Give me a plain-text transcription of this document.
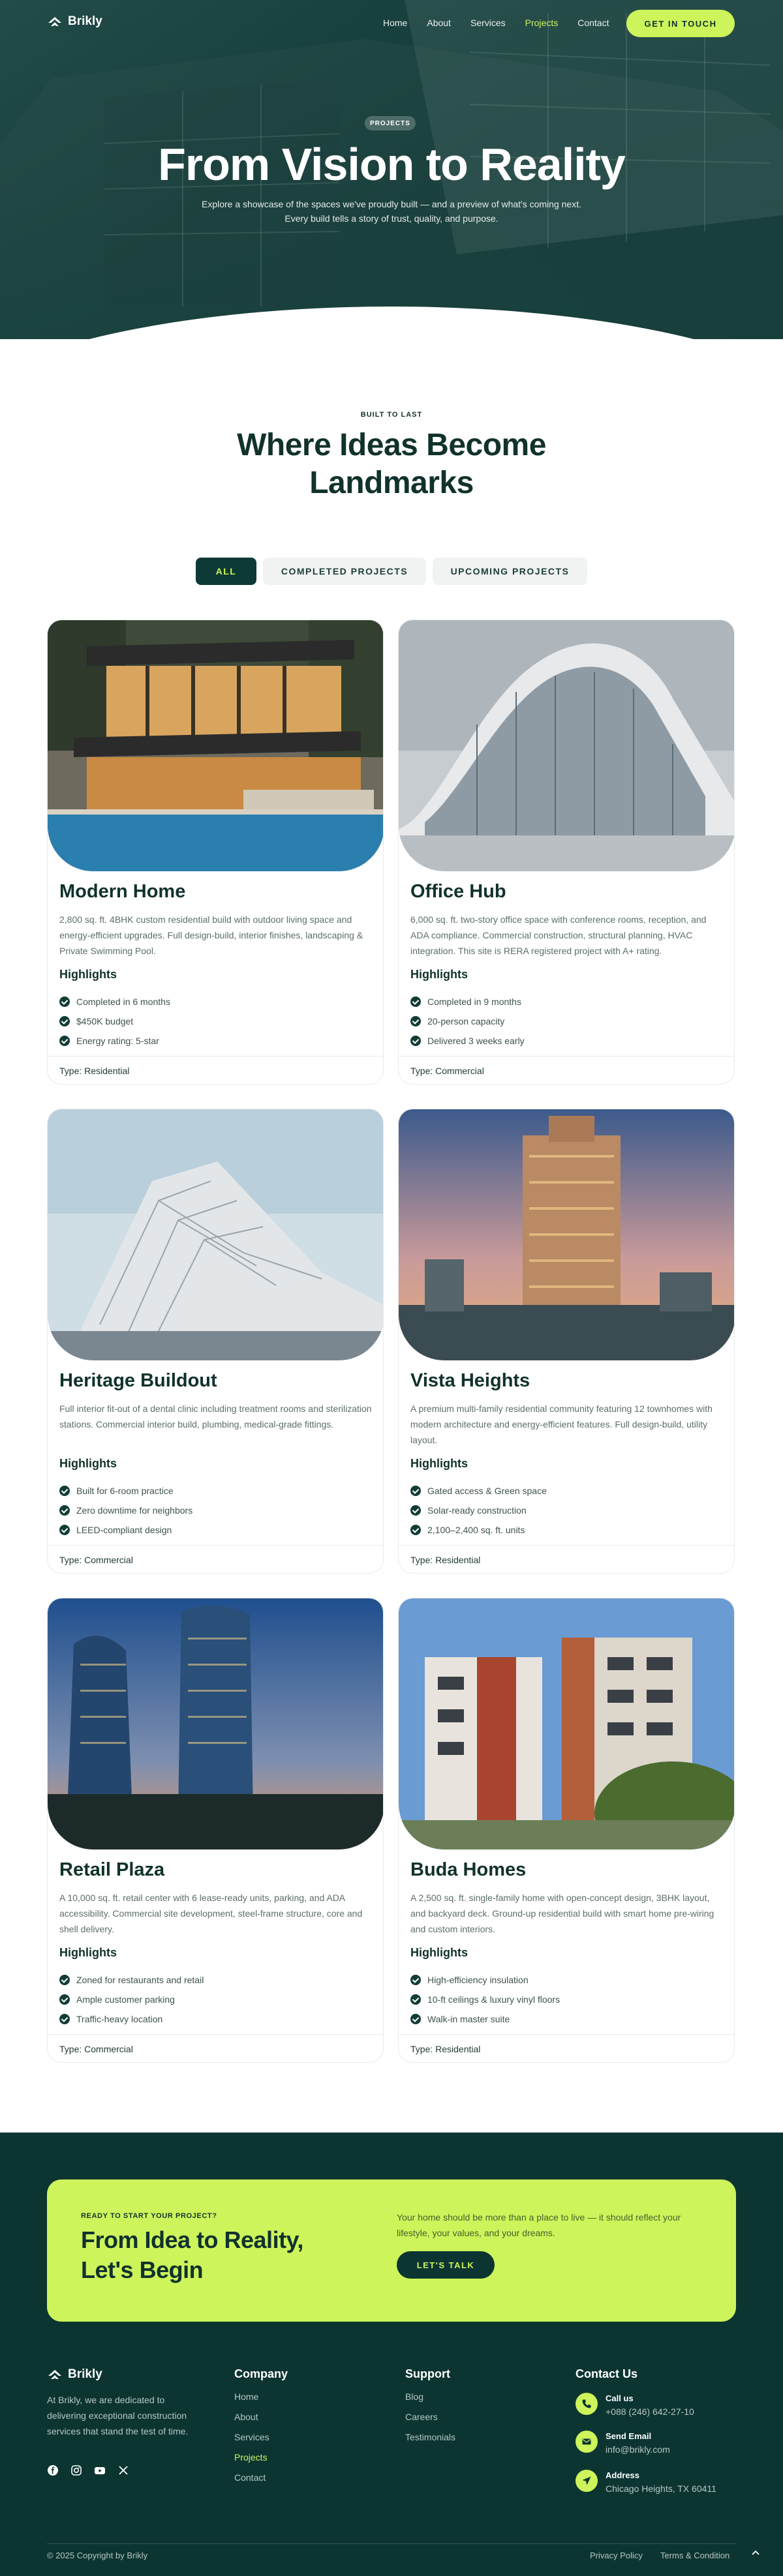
Brikly	Home About Services Projects Contact	GET IN TOUCH
PROJECTS
From Vision to Reality
Explore a showcase of the spaces we've proudly built — and a preview of what's coming next.
Every build tells a story of trust, quality, and purpose.
BUILT TO LAST
Where Ideas Become Landmarks
ALL	COMPLETED PROJECTS	UPCOMING PROJECTS
Modern Home
2,800 sq. ft. 4BHK custom residential build with outdoor living space and energy-efficient upgrades. Full design-build, interior finishes, landscaping & Private Swimming Pool.
Highlights
Completed in 6 months
$450K budget
Energy rating: 5-star
Type: Residential
Office Hub
6,000 sq. ft. two-story office space with conference rooms, reception, and ADA compliance. Commercial construction, structural planning, HVAC integration. This site is RERA registered project with A+ rating.
Highlights
Completed in 9 months
20-person capacity
Delivered 3 weeks early
Type: Commercial
Heritage Buildout
Full interior fit-out of a dental clinic including treatment rooms and sterilization stations. Commercial interior build, plumbing, medical-grade fittings.
Highlights
Built for 6-room practice
Zero downtime for neighbors
LEED-compliant design
Type: Commercial
Vista Heights
A premium multi-family residential community featuring 12 townhomes with modern architecture and energy-efficient features. Full design-build, utility layout.
Highlights
Gated access & Green space
Solar-ready construction
2,100–2,400 sq. ft. units
Type: Residential
Retail Plaza
A 10,000 sq. ft. retail center with 6 lease-ready units, parking, and ADA accessibility. Commercial site development, steel-frame structure, core and shell delivery.
Highlights
Zoned for restaurants and retail
Ample customer parking
Traffic-heavy location
Type: Commercial
Buda Homes
A 2,500 sq. ft. single-family home with open-concept design, 3BHK layout, and backyard deck. Ground-up residential build with smart home pre-wiring and custom interiors.
Highlights
High-efficiency insulation
10-ft ceilings & luxury vinyl floors
Walk-in master suite
Type: Residential
READY TO START YOUR PROJECT?
From Idea to Reality, Let's Begin
Your home should be more than a place to live — it should reflect your lifestyle, your values, and your dreams.
LET'S TALK
Brikly
At Brikly, we are dedicated to delivering exceptional construction services that stand the test of time.
Company
Home
About
Services
Projects
Contact
Support
Blog
Careers
Testimonials
Contact Us
Call us
+088 (246) 642-27-10
Send Email
info@brikly.com
Address
Chicago Heights, TX 60411
© 2025 Copyright by Brikly	Privacy Policy Terms & Condition
